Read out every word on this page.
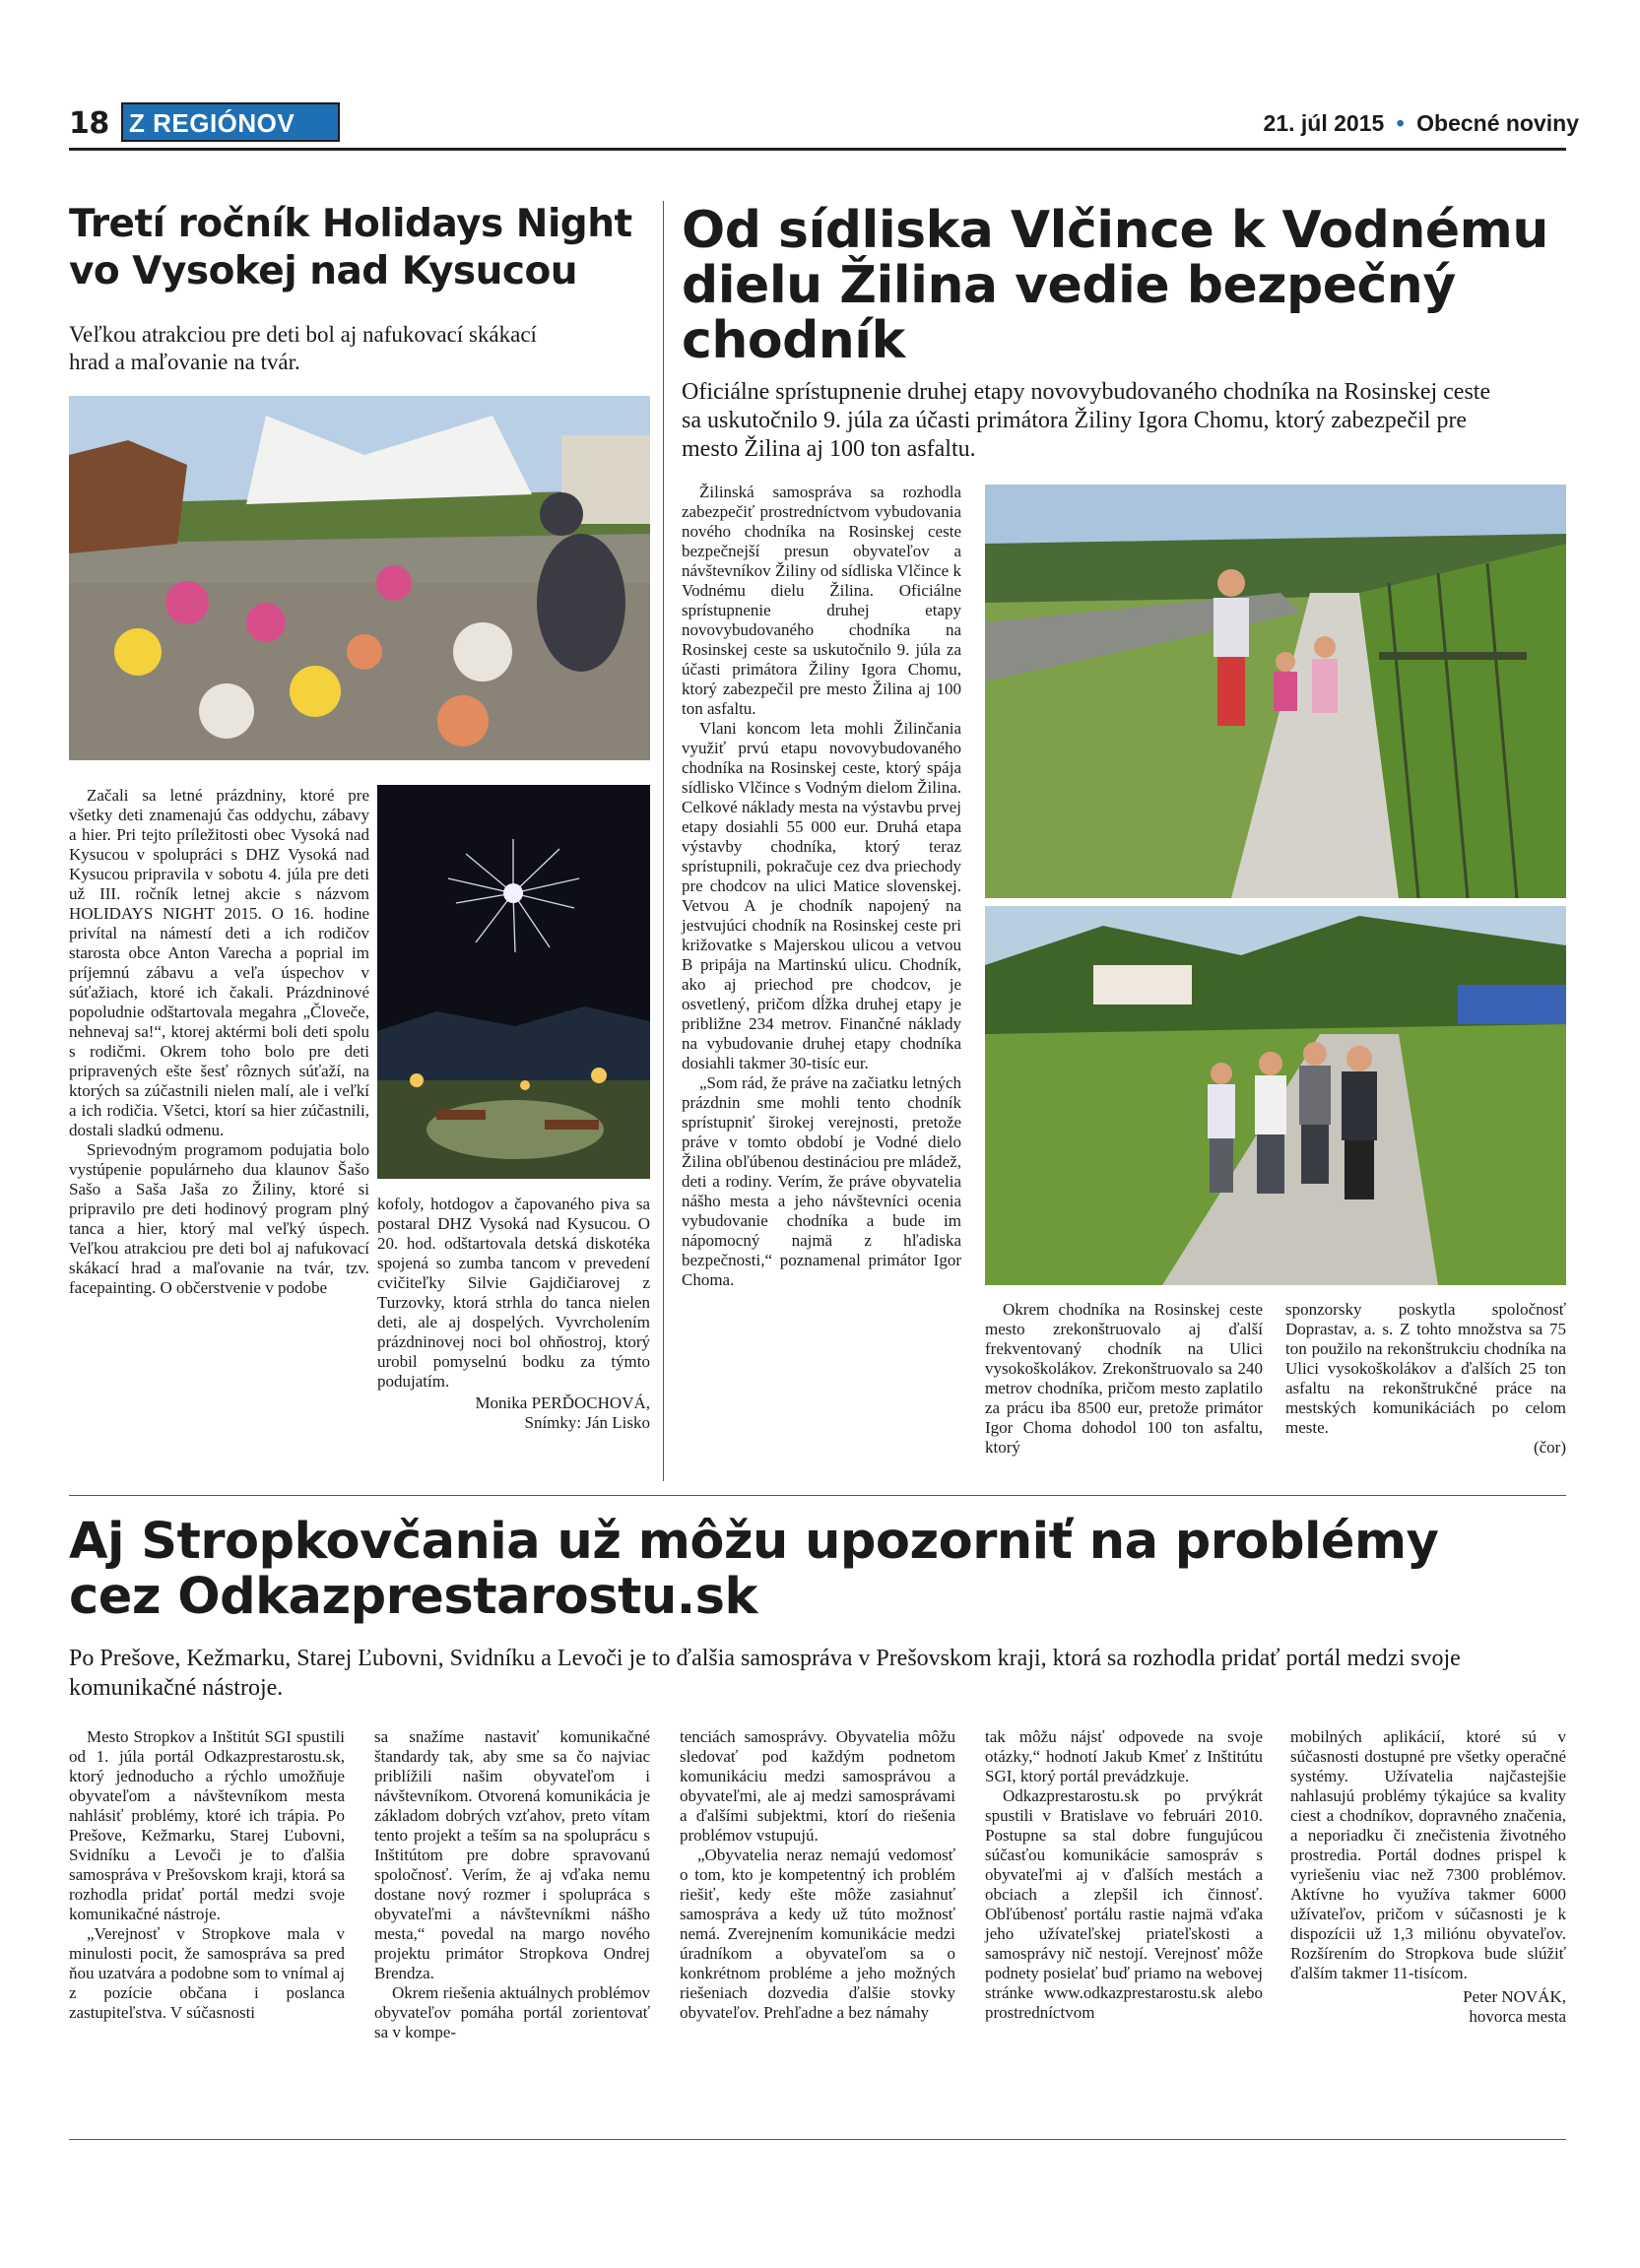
18 Z REGIÓNOV	21. júl 2015 • Obecné noviny
Tretí ročník Holidays Night
vo Vysokej nad Kysucou
Veľkou atrakciou pre deti bol aj nafukovací skákací hrad a maľovanie na tvár.

Začali sa letné prázdniny, ktoré pre všetky deti znamenajú čas oddychu, zábavy a hier. Pri tejto príležitosti obec Vysoká nad Kysucou v spolupráci s DHZ Vysoká nad Kysucou pripravila v sobotu 4. júla pre deti už III. ročník letnej akcie s názvom HOLIDAYS NIGHT 2015. O 16. hodine privítal na námestí deti a ich rodičov starosta obce Anton Varecha a poprial im príjemnú zábavu a veľa úspechov v súťažiach, ktoré ich čakali. Prázdninové popoludnie odštartovala megahra „Človeče, nehnevaj sa!“, ktorej aktérmi boli deti spolu s rodičmi. Okrem toho bolo pre deti pripravených ešte šesť rôznych súťaží, na ktorých sa zúčastnili nielen malí, ale i veľkí a ich rodičia. Všetci, ktorí sa hier zúčastnili, dostali sladkú odmenu.

Sprievodným programom podujatia bolo vystúpenie populárneho dua klaunov Šašo Sašo a Saša Jaša zo Žiliny, ktoré si pripravilo pre deti hodinový program plný tanca a hier, ktorý mal veľký úspech. Veľkou atrakciou pre deti bol aj nafukovací skákací hrad a maľovanie na tvár, tzv. facepainting. O občerstvenie v podobe

kofoly, hotdogov a čapovaného piva sa postaral DHZ Vysoká nad Kysucou. O 20. hod. odštartovala detská diskotéka spojená so zumba tancom v prevedení cvičiteľky Silvie Gajdičiarovej z Turzovky, ktorá strhla do tanca nielen deti, ale aj dospelých. Vyvrcholením prázdninovej noci bol ohňostroj, ktorý urobil pomyselnú bodku za týmto podujatím.

Monika PERĎOCHOVÁ,
Snímky: Ján Lisko
Od sídliska Vlčince k Vodnému
dielu Žilina vedie bezpečný
chodník
Oficiálne sprístupnenie druhej etapy novovybudovaného chodníka na Rosinskej ceste sa uskutočnilo 9. júla za účasti primátora Žiliny Igora Chomu, ktorý zabezpečil pre mesto Žilina aj 100 ton asfaltu.

Žilinská samospráva sa rozhodla zabezpečiť prostredníctvom vybudovania nového chodníka na Rosinskej ceste bezpečnejší presun obyvateľov a návštevníkov Žiliny od sídliska Vlčince k Vodnému dielu Žilina. Oficiálne sprístupnenie druhej etapy novovybudovaného chodníka na Rosinskej ceste sa uskutočnilo 9. júla za účasti primátora Žiliny Igora Chomu, ktorý zabezpečil pre mesto Žilina aj 100 ton asfaltu.

Vlani koncom leta mohli Žilinčania využiť prvú etapu novovybudovaného chodníka na Rosinskej ceste, ktorý spája sídlisko Vlčince s Vodným dielom Žilina. Celkové náklady mesta na výstavbu prvej etapy dosiahli 55 000 eur. Druhá etapa výstavby chodníka, ktorý teraz sprístupnili, pokračuje cez dva priechody pre chodcov na ulici Matice slovenskej. Vetvou A je chodník napojený na jestvujúci chodník na Rosinskej ceste pri križovatke s Majerskou ulicou a vetvou B pripája na Martinskú ulicu. Chodník, ako aj priechod pre chodcov, je osvetlený, pričom dĺžka druhej etapy je približne 234 metrov. Finančné náklady na vybudovanie druhej etapy chodníka dosiahli takmer 30-tisíc eur.

„Som rád, že práve na začiatku letných prázdnin sme mohli tento chodník sprístupniť širokej verejnosti, pretože práve v tomto období je Vodné dielo Žilina obľúbenou destináciou pre mládež, deti a rodiny. Verím, že práve obyvatelia nášho mesta a jeho návštevníci ocenia vybudovanie chodníka a bude im nápomocný najmä z hľadiska bezpečnosti,“ poznamenal primátor Igor Choma.

Okrem chodníka na Rosinskej ceste mesto zrekonštruovalo aj ďalší frekventovaný chodník na Ulici vysokoškolákov. Zrekonštruovalo sa 240 metrov chodníka, pričom mesto zaplatilo za prácu iba 8500 eur, pretože primátor Igor Choma dohodol 100 ton asfaltu, ktorý

sponzorsky poskytla spoločnosť Doprastav, a. s. Z tohto množstva sa 75 ton použilo na rekonštrukciu chodníka na Ulici vysokoškolákov a ďalších 25 ton asfaltu na rekonštrukčné práce na mestských komunikáciách po celom meste.

(čor)
Aj Stropkovčania už môžu upozorniť na problémy
cez Odkazprestarostu.sk
Po Prešove, Kežmarku, Starej Ľubovni, Svidníku a Levoči je to ďalšia samospráva v Prešovskom kraji, ktorá sa rozhodla pridať portál medzi svoje komunikačné nástroje.

Mesto Stropkov a Inštitút SGI spustili od 1. júla portál Odkazprestarostu.sk, ktorý jednoducho a rýchlo umožňuje obyvateľom a návštevníkom mesta nahlásiť problémy, ktoré ich trápia. Po Prešove, Kežmarku, Starej Ľubovni, Svidníku a Levoči je to ďalšia samospráva v Prešovskom kraji, ktorá sa rozhodla pridať portál medzi svoje komunikačné nástroje.

„Verejnosť v Stropkove mala v minulosti pocit, že samospráva sa pred ňou uzatvára a podobne som to vnímal aj z pozície občana i poslanca zastupiteľstva. V súčasnosti

sa snažíme nastaviť komunikačné štandardy tak, aby sme sa čo najviac priblížili našim obyvateľom i návštevníkom. Otvorená komunikácia je základom dobrých vzťahov, preto vítam tento projekt a teším sa na spoluprácu s Inštitútom pre dobre spravovanú spoločnosť. Verím, že aj vďaka nemu dostane nový rozmer i spolupráca s obyvateľmi a návštevníkmi nášho mesta,“ povedal na margo nového projektu primátor Stropkova Ondrej Brendza.

Okrem riešenia aktuálnych problémov obyvateľov pomáha portál zorientovať sa v kompe-

tenciách samosprávy. Obyvatelia môžu sledovať pod každým podnetom komunikáciu medzi samosprávou a obyvateľmi, ale aj medzi samosprávami a ďalšími subjektmi, ktorí do riešenia problémov vstupujú.

„Obyvatelia neraz nemajú vedomosť o tom, kto je kompetentný ich problém riešiť, kedy ešte môže zasiahnuť samospráva a kedy už túto možnosť nemá. Zverejnením komunikácie medzi úradníkom a obyvateľom sa o konkrétnom probléme a jeho možných riešeniach dozvedia ďalšie stovky obyvateľov. Prehľadne a bez námahy

tak môžu nájsť odpovede na svoje otázky,“ hodnotí Jakub Kmeť z Inštitútu SGI, ktorý portál prevádzkuje.

Odkazprestarostu.sk po prvýkrát spustili v Bratislave vo februári 2010. Postupne sa stal dobre fungujúcou súčasťou komunikácie samospráv s obyvateľmi aj v ďalších mestách a obciach a zlepšil ich činnosť. Obľúbenosť portálu rastie najmä vďaka jeho užívateľskej priateľskosti a samosprávy nič nestojí. Verejnosť môže podnety posielať buď priamo na webovej stránke www.odkazprestarostu.sk alebo prostredníctvom

mobilných aplikácií, ktoré sú v súčasnosti dostupné pre všetky operačné systémy. Užívatelia najčastejšie nahlasujú problémy týkajúce sa kvality ciest a chodníkov, dopravného značenia, a neporiadku či znečistenia životného prostredia. Portál dodnes prispel k vyriešeniu viac než 7300 problémov. Aktívne ho využíva takmer 6000 užívateľov, pričom v súčasnosti je k dispozícii už 1,3 miliónu obyvateľov. Rozšírením do Stropkova bude slúžiť ďalším takmer 11-tisícom.

Peter NOVÁK,
hovorca mesta
